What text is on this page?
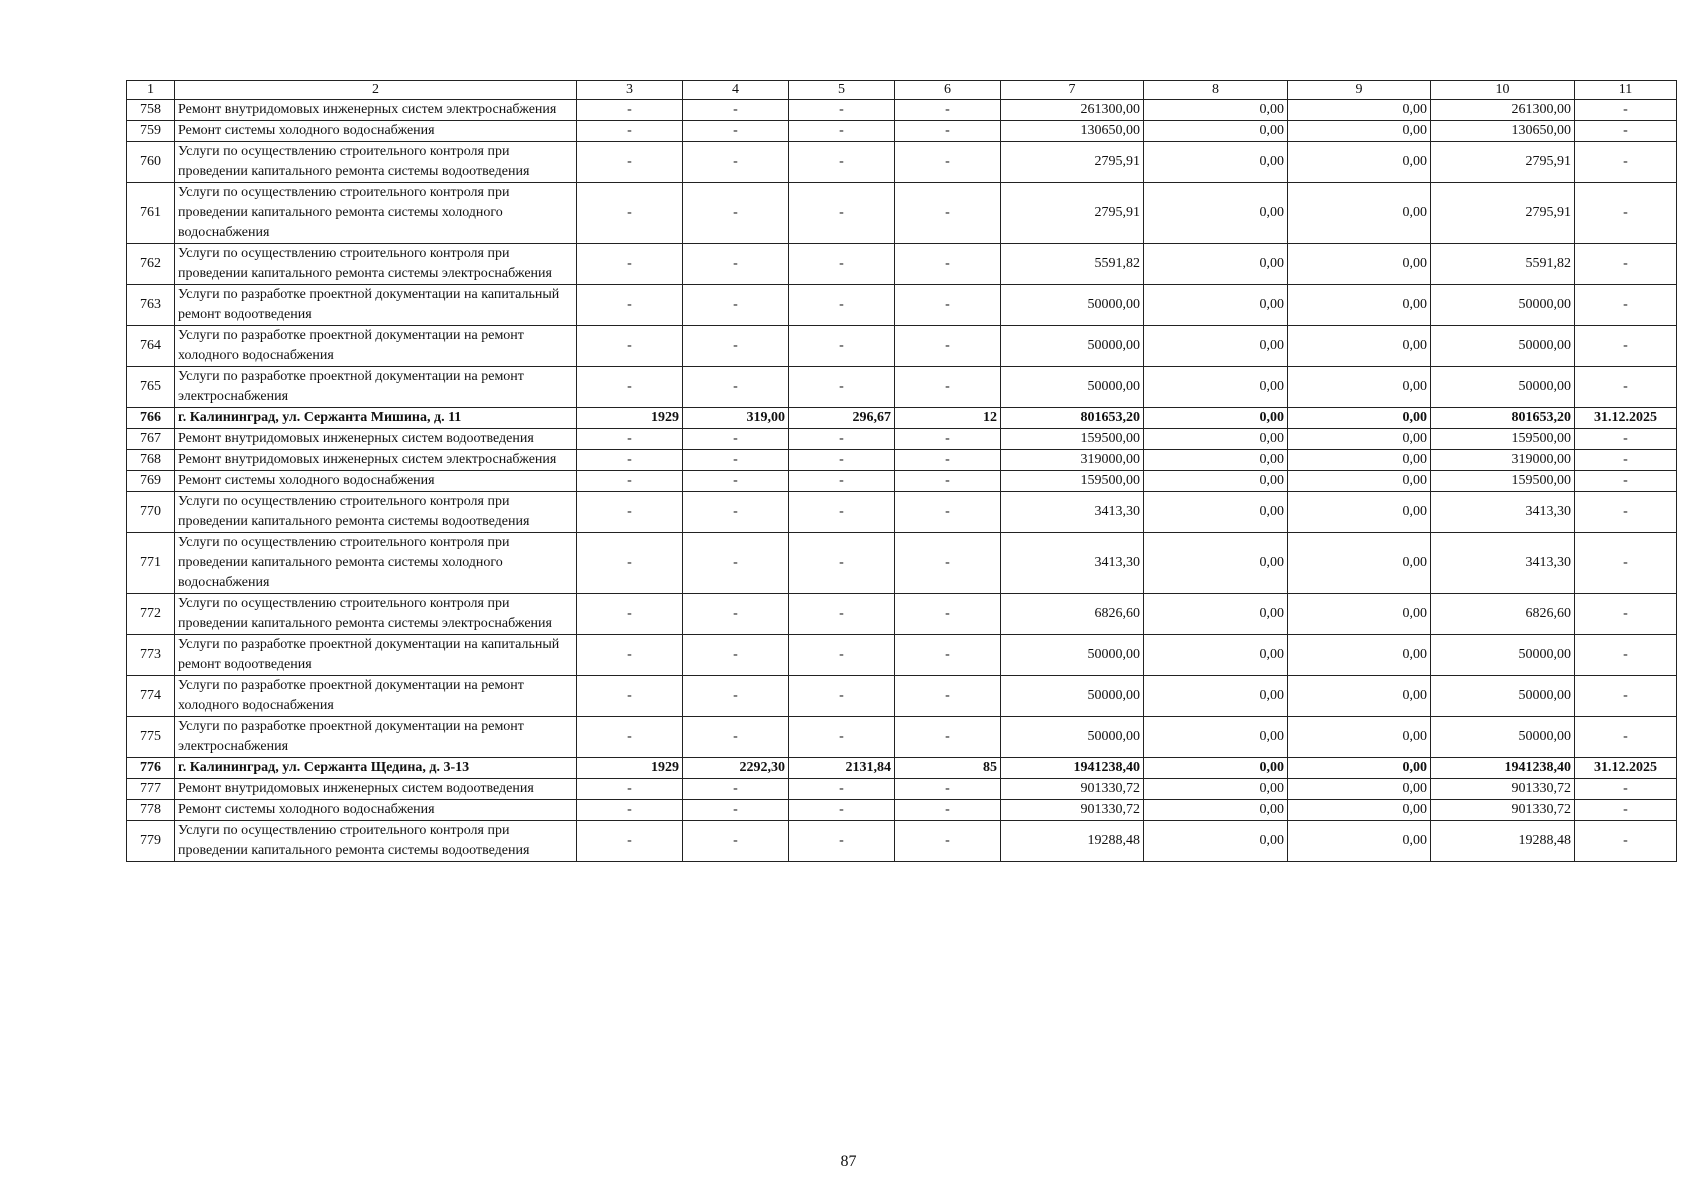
1	2	3	4	5	6	7	8	9	10	11
758	Ремонт внутридомовых инженерных систем электроснабжения	-	-	-	-	261300,00	0,00	0,00	261300,00	-
759	Ремонт системы холодного водоснабжения	-	-	-	-	130650,00	0,00	0,00	130650,00	-
760	Услуги по осуществлению строительного контроля при проведении капитального ремонта системы водоотведения	-	-	-	-	2795,91	0,00	0,00	2795,91	-
761	Услуги по осуществлению строительного контроля при проведении капитального ремонта системы холодного водоснабжения	-	-	-	-	2795,91	0,00	0,00	2795,91	-
762	Услуги по осуществлению строительного контроля при проведении капитального ремонта системы электроснабжения	-	-	-	-	5591,82	0,00	0,00	5591,82	-
763	Услуги по разработке проектной документации на капитальный ремонт водоотведения	-	-	-	-	50000,00	0,00	0,00	50000,00	-
764	Услуги по разработке проектной документации на ремонт холодного водоснабжения	-	-	-	-	50000,00	0,00	0,00	50000,00	-
765	Услуги по разработке проектной документации на ремонт электроснабжения	-	-	-	-	50000,00	0,00	0,00	50000,00	-
766	г. Калининград, ул. Сержанта Мишина, д. 11	1929	319,00	296,67	12	801653,20	0,00	0,00	801653,20	31.12.2025
767	Ремонт внутридомовых инженерных систем водоотведения	-	-	-	-	159500,00	0,00	0,00	159500,00	-
768	Ремонт внутридомовых инженерных систем электроснабжения	-	-	-	-	319000,00	0,00	0,00	319000,00	-
769	Ремонт системы холодного водоснабжения	-	-	-	-	159500,00	0,00	0,00	159500,00	-
770	Услуги по осуществлению строительного контроля при проведении капитального ремонта системы водоотведения	-	-	-	-	3413,30	0,00	0,00	3413,30	-
771	Услуги по осуществлению строительного контроля при проведении капитального ремонта системы холодного водоснабжения	-	-	-	-	3413,30	0,00	0,00	3413,30	-
772	Услуги по осуществлению строительного контроля при проведении капитального ремонта системы электроснабжения	-	-	-	-	6826,60	0,00	0,00	6826,60	-
773	Услуги по разработке проектной документации на капитальный ремонт водоотведения	-	-	-	-	50000,00	0,00	0,00	50000,00	-
774	Услуги по разработке проектной документации на ремонт холодного водоснабжения	-	-	-	-	50000,00	0,00	0,00	50000,00	-
775	Услуги по разработке проектной документации на ремонт электроснабжения	-	-	-	-	50000,00	0,00	0,00	50000,00	-
776	г. Калининград, ул. Сержанта Щедина, д. 3-13	1929	2292,30	2131,84	85	1941238,40	0,00	0,00	1941238,40	31.12.2025
777	Ремонт внутридомовых инженерных систем водоотведения	-	-	-	-	901330,72	0,00	0,00	901330,72	-
778	Ремонт системы холодного водоснабжения	-	-	-	-	901330,72	0,00	0,00	901330,72	-
779	Услуги по осуществлению строительного контроля при проведении капитального ремонта системы водоотведения	-	-	-	-	19288,48	0,00	0,00	19288,48	-
87
